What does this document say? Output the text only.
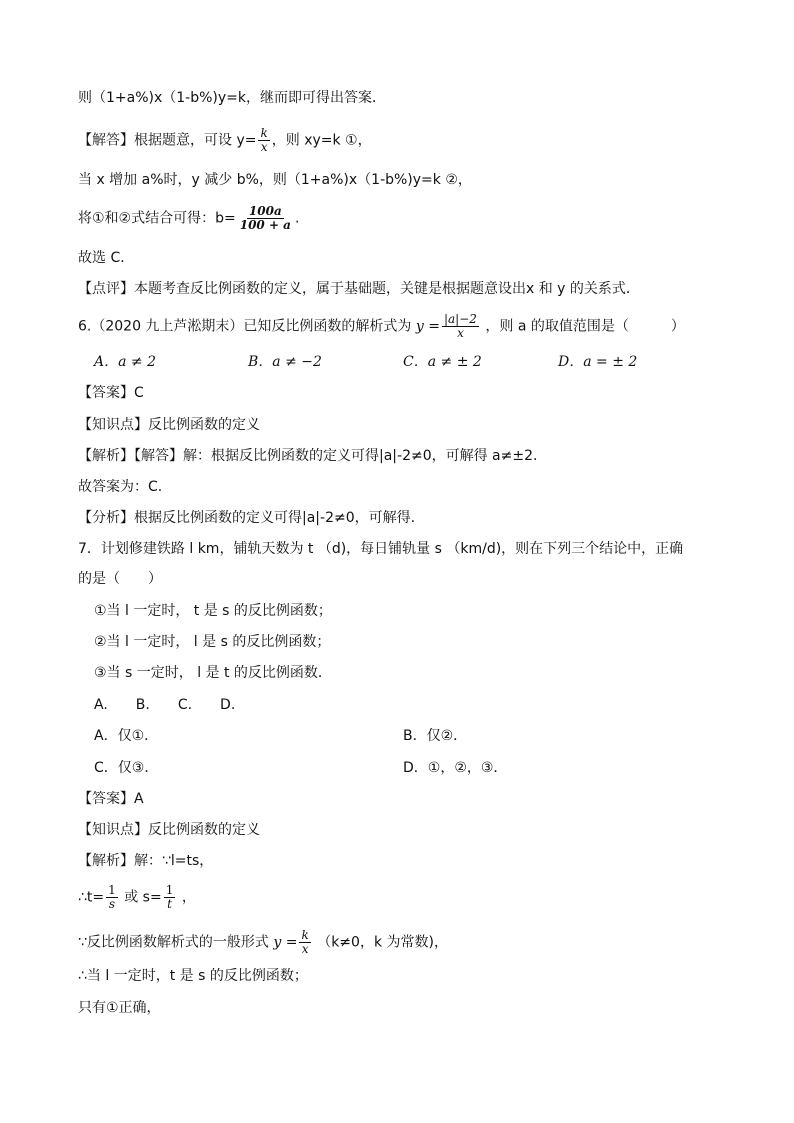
则（1+a%)x（1-b%)y=k，继而即可得出答案．
【解答】根据题意，可设 $y= \frac{k}{x}$ ，则 xy=k ①，
当 x 增加 a%时，y 减少 b%，则（1+a%)x（1-b%)y=k ②，
将①和②式结合可得：$b= \frac{100a}{100 + a}$ .
故选 C．
【点评】本题考查反比例函数的定义，属于基础题，关键是根据题意设出x 和 y 的关系式．
6.（2020 九上芦淞期末）已知反比例函数的解析式为 $y = \frac{|a|-2}{x}$ ，则 a 的取值范围是（　　　）
A．a ≠ 2	B．a ≠ −2	C．a ≠ ± 2	D．a = ± 2
【答案】C
【知识点】反比例函数的定义
【解析】【解答】解：根据反比例函数的定义可得|a|-2≠0，可解得 a≠±2.
故答案为：C.
【分析】根据反比例函数的定义可得|a|-2≠0，可解得.
7．计划修建铁路 l km，铺轨天数为 t （d)，每日铺轨量 s （km/d)，则在下列三个结论中，正确
的是（　　）
①当 l 一定时， t 是 s 的反比例函数；
②当 l 一定时， l 是 s 的反比例函数；
③当 s 一定时， l 是 t 的反比例函数．
A.　　B.　　C.　　D.
A．仅①．	B．仅②．
C．仅③．	D．①，②，③．
【答案】A
【知识点】反比例函数的定义
【解析】解：∵l=ts，
∴t= $\frac{1}{s}$ 或 $s= \frac{1}{t}$ ，
∵反比例函数解析式的一般形式 $y = \frac{k}{x} (k\ne 0$，k 为常数)，
∴当 l 一定时，t 是 s 的反比例函数；
只有①正确，
